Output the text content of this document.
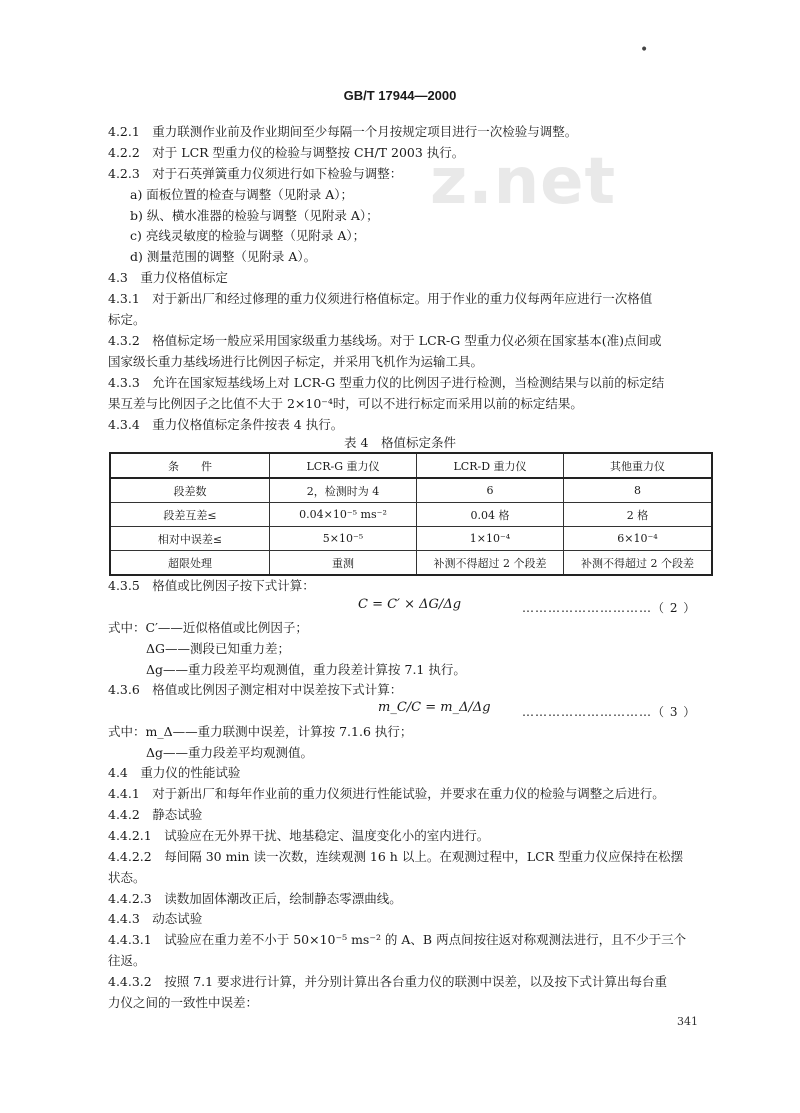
z.net
•
GB/T 17944—2000
4.2.1　重力联测作业前及作业期间至少每隔一个月按规定项目进行一次检验与调整。
4.2.2　对于 LCR 型重力仪的检验与调整按 CH/T 2003 执行。
4.2.3　对于石英弹簧重力仪须进行如下检验与调整：
a) 面板位置的检查与调整（见附录 A）；
b) 纵、横水准器的检验与调整（见附录 A）；
c) 亮线灵敏度的检验与调整（见附录 A）；
d) 测量范围的调整（见附录 A）。
4.3　重力仪格值标定
4.3.1　对于新出厂和经过修理的重力仪须进行格值标定。用于作业的重力仪每两年应进行一次格值
标定。
4.3.2　格值标定场一般应采用国家级重力基线场。对于 LCR-G 型重力仪必须在国家基本(准)点间或
国家级长重力基线场进行比例因子标定，并采用飞机作为运输工具。
4.3.3　允许在国家短基线场上对 LCR-G 型重力仪的比例因子进行检测，当检测结果与以前的标定结
果互差与比例因子之比值不大于 2×10⁻⁴时，可以不进行标定而采用以前的标定结果。
4.3.4　重力仪格值标定条件按表 4 执行。
表 4　格值标定条件
条　　件	LCR-G 重力仪	LCR-D 重力仪	其他重力仪
段差数	2，检测时为 4	6	8
段差互差≤	0.04×10⁻⁵ ms⁻²	0.04 格	2 格
相对中误差≤	5×10⁻⁵	1×10⁻⁴	6×10⁻⁴
超限处理	重测	补测不得超过 2 个段差	补测不得超过 2 个段差
4.3.5　格值或比例因子按下式计算：
C = C′ × ΔG/Δg	…………………………（ 2 ）
式中：C′——近似格值或比例因子；
ΔG——测段已知重力差；
Δg——重力段差平均观测值，重力段差计算按 7.1 执行。
4.3.6　格值或比例因子测定相对中误差按下式计算：
m_C/C = m_Δ/Δg	…………………………（ 3 ）
式中：m_Δ——重力联测中误差，计算按 7.1.6 执行；
Δg——重力段差平均观测值。
4.4　重力仪的性能试验
4.4.1　对于新出厂和每年作业前的重力仪须进行性能试验，并要求在重力仪的检验与调整之后进行。
4.4.2　静态试验
4.4.2.1　试验应在无外界干扰、地基稳定、温度变化小的室内进行。
4.4.2.2　每间隔 30 min 读一次数，连续观测 16 h 以上。在观测过程中，LCR 型重力仪应保持在松摆
状态。
4.4.2.3　读数加固体潮改正后，绘制静态零漂曲线。
4.4.3　动态试验
4.4.3.1　试验应在重力差不小于 50×10⁻⁵ ms⁻² 的 A、B 两点间按往返对称观测法进行，且不少于三个
往返。
4.4.3.2　按照 7.1 要求进行计算，并分别计算出各台重力仪的联测中误差，以及按下式计算出每台重
力仪之间的一致性中误差：
341
